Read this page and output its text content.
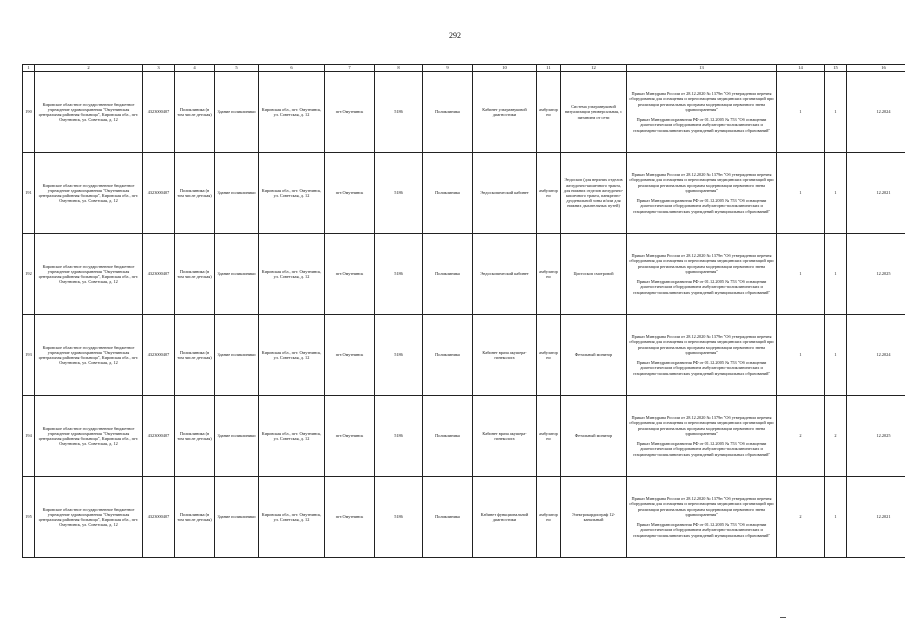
292
1	2	3	4	5	6	7	8	9	10	11	12	13	14	15	16
190	Кировское областное государственное бюджетное учреждение здравоохранения "Омутнинская центральная районная больница", Кировская обл., пгт. Омутнинск, ул. Советская, д. 12	4323000407	Поликлиника (в том числе детская)	Здание поликлиники	Кировская обл., пгт. Омутнинск, ул. Советская, д. 12	пгт.Омутнинск	5186	Поликлиника	Кабинет ультразвуковой диагностики	амбулаторно	Система ультразвуковой визуализации универсальная, с питанием от сети	Приказ Минздрава России от 28.12.2020 № 1379н "Об утверждении перечня оборудования для оснащения и переоснащения медицинских организаций при реализации региональных программ модернизации первичного звена здравоохранения"

Приказ Минздравсоцразвития РФ от 01.12.2005 № 753 "Об оснащении диагностическим оборудованием амбулаторно-поликлинических и стационарно-поликлинических учреждений муниципальных образований"	1	1	12.2024
191	Кировское областное государственное бюджетное учреждение здравоохранения "Омутнинская центральная районная больница", Кировская обл., пгт. Омутнинск, ул. Советская, д. 12	4323000407	Поликлиника (в том числе детская)	Здание поликлиники	Кировская обл., пгт. Омутнинск, ул. Советская, д. 12	пгт.Омутнинск	5186	Поликлиника	Эндоскопический кабинет	амбулаторно	Эндоскоп (для верхних отделов желудочно-кишечного тракта, для нижних отделов желудочно-кишечного тракта, панкреато-дуоденальной зоны и/или для нижних дыхательных путей)	Приказ Минздрава России от 28.12.2020 № 1379н "Об утверждении перечня оборудования для оснащения и переоснащения медицинских организаций при реализации региональных программ модернизации первичного звена здравоохранения"

Приказ Минздравсоцразвития РФ от 01.12.2005 № 753 "Об оснащении диагностическим оборудованием амбулаторно-поликлинических и стационарно-поликлинических учреждений муниципальных образований"	1	1	12.2021
192	Кировское областное государственное бюджетное учреждение здравоохранения "Омутнинская центральная районная больница", Кировская обл., пгт. Омутнинск, ул. Советская, д. 12	4323000407	Поликлиника (в том числе детская)	Здание поликлиники	Кировская обл., пгт. Омутнинск, ул. Советская, д. 12	пгт.Омутнинск	5186	Поликлиника	Эндоскопический кабинет	амбулаторно	Цистоскоп смотровой	Приказ Минздрава России от 28.12.2020 № 1379н "Об утверждении перечня оборудования для оснащения и переоснащения медицинских организаций при реализации региональных программ модернизации первичного звена здравоохранения"

Приказ Минздравсоцразвития РФ от 01.12.2005 № 753 "Об оснащении диагностическим оборудованием амбулаторно-поликлинических и стационарно-поликлинических учреждений муниципальных образований"	1	1	12.2025
193	Кировское областное государственное бюджетное учреждение здравоохранения "Омутнинская центральная районная больница", Кировская обл., пгт. Омутнинск, ул. Советская, д. 12	4323000407	Поликлиника (в том числе детская)	Здание поликлиники	Кировская обл., пгт. Омутнинск, ул. Советская, д. 12	пгт.Омутнинск	5186	Поликлиника	Кабинет врача акушера-гинеколога	амбулаторно	Фетальный монитор	Приказ Минздрава России от 28.12.2020 № 1379н "Об утверждении перечня оборудования для оснащения и переоснащения медицинских организаций при реализации региональных программ модернизации первичного звена здравоохранения"

Приказ Минздравсоцразвития РФ от 01.12.2005 № 753 "Об оснащении диагностическим оборудованием амбулаторно-поликлинических и стационарно-поликлинических учреждений муниципальных образований"	1	1	12.2024
194	Кировское областное государственное бюджетное учреждение здравоохранения "Омутнинская центральная районная больница", Кировская обл., пгт. Омутнинск, ул. Советская, д. 12	4323000407	Поликлиника (в том числе детская)	Здание поликлиники	Кировская обл., пгт. Омутнинск, ул. Советская, д. 12	пгт.Омутнинск	5186	Поликлиника	Кабинет врача акушера-гинеколога	амбулаторно	Фетальный монитор	Приказ Минздрава России от 28.12.2020 № 1379н "Об утверждении перечня оборудования для оснащения и переоснащения медицинских организаций при реализации региональных программ модернизации первичного звена здравоохранения"

Приказ Минздравсоцразвития РФ от 01.12.2005 № 753 "Об оснащении диагностическим оборудованием амбулаторно-поликлинических и стационарно-поликлинических учреждений муниципальных образований"	2	2	12.2025
195	Кировское областное государственное бюджетное учреждение здравоохранения "Омутнинская центральная районная больница", Кировская обл., пгт. Омутнинск, ул. Советская, д. 12	4323000407	Поликлиника (в том числе детская)	Здание поликлиники	Кировская обл., пгт. Омутнинск, ул. Советская, д. 12	пгт.Омутнинск	5186	Поликлиника	Кабинет функциональной диагностики	амбулаторно	Электрокардиограф 12-канальный	Приказ Минздрава России от 28.12.2020 № 1379н "Об утверждении перечня оборудования для оснащения и переоснащения медицинских организаций при реализации региональных программ модернизации первичного звена здравоохранения"

Приказ Минздравсоцразвития РФ от 01.12.2005 № 753 "Об оснащении диагностическим оборудованием амбулаторно-поликлинических и стационарно-поликлинических учреждений муниципальных образований"	2	1	12.2021
